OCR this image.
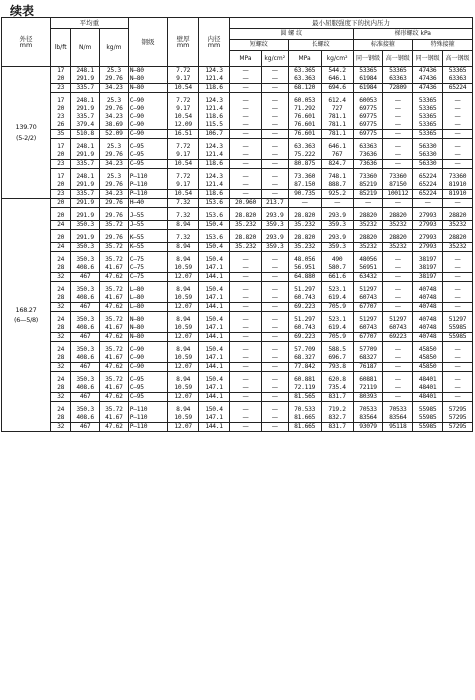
续表
外径
mm	平均重			钢级	壁厚
mm	内径
mm	最小屈服强度下的抗内压力							
	lb/ft	N/m	kg/m				圆 螺 纹				梯形螺纹 kPa			
							短螺纹		长螺纹		标准接箍		特殊接箍	
							MPa	kg/cm²	MPa	kg/cm²	同一钢级	高一钢级	同一钢级	高一钢级

139.70
(5-2/2)	17	248.1	25.3	N—80	7.72	124.3	—	—	63.365	544.2	53365	53365	47436	53365
	20	291.9	29.76	N—80	9.17	121.4	—	—	63.363	646.1	61984	63363	47436	63363
	23	335.7	34.23	N—80	10.54	118.6	—	—	68.120	694.6	61984	72809	47436	65224

	17	248.1	25.3	C—90	7.72	124.3	—	—	60.053	612.4	60053	—	53365	—
	20	291.9	29.76	C—90	9.17	121.4	—	—	71.292	727	69775	—	53365	—
	23	335.7	34.23	C—90	10.54	118.6	—	—	76.601	781.1	69775	—	53365	—
	26	379.4	38.69	C—90	12.09	115.5	—	—	76.601	781.1	69775	—	53365	—
	35	510.8	52.09	C—90	16.51	106.7	—	—	76.601	781.1	69775	—	53365	—

	17	248.1	25.3	C—95	7.72	124.3	—	—	63.363	646.1	63363	—	56330	—
	20	291.9	29.76	C—95	9.17	121.4	—	—	75.222	767	73636	—	56330	—
	23	335.7	34.23	C—95	10.54	118.6	—	—	80.875	824.7	73636	—	56330	—

	17	248.1	25.3	P—110	7.72	124.3	—	—	73.360	748.1	73360	73360	65224	73360
	20	291.9	29.76	P—110	9.17	121.4	—	—	87.150	888.7	85219	87150	65224	81910
	23	335.7	34.23	P—110	10.54	118.6	—	—	90.735	925.2	85219	100112	65224	81910

168.27
(6—5/8)	20	291.9	29.76	H—40	7.32	153.6	20.960	213.7	—	—	—	—	—	—

	20	291.9	29.76	J—55	7.32	153.6	28.820	293.9	28.820	293.9	28820	28820	27993	28820
	24	350.3	35.72	J—55	8.94	150.4	35.232	359.3	35.232	359.3	35232	35232	27993	35232

	20	291.9	29.76	K—55	7.32	153.6	28.820	293.9	28.820	293.9	28820	28820	27993	28820
	24	350.3	35.72	K—55	8.94	150.4	35.232	359.3	35.232	359.3	35232	35232	27993	35232

	24	350.3	35.72	C—75	8.94	150.4	—	—	48.056	490	48056	—	38197	—
	28	408.6	41.67	C—75	10.59	147.1	—	—	56.951	580.7	56951	—	38197	—
	32	467	47.62	C—75	12.07	144.1	—	—	64.880	661.6	63432	—	38197	—

	24	350.3	35.72	L—80	8.94	150.4	—	—	51.297	523.1	51297	—	40748	—
	28	408.6	41.67	L—80	10.59	147.1	—	—	60.743	619.4	60743	—	40748	—
	32	467	47.62	L—80	12.07	144.1	—	—	69.223	705.9	67707	—	40748	—

	24	350.3	35.72	N—80	8.94	150.4	—	—	51.297	523.1	51297	51297	40748	51297
	28	408.6	41.67	N—80	10.59	147.1	—	—	60.743	619.4	60743	60743	40748	55985
	32	467	47.62	N—80	12.07	144.1	—	—	69.223	705.9	67707	69223	40748	55985

	24	350.3	35.72	C—90	8.94	150.4	—	—	57.709	588.5	57709	—	45850	—
	28	408.6	41.67	C—90	10.59	147.1	—	—	68.327	696.7	68327	—	45850	—
	32	467	47.62	C—90	12.07	144.1	—	—	77.842	793.8	76187	—	45850	—

	24	350.3	35.72	C—95	8.94	150.4	—	—	60.881	620.8	60881	—	48401	—
	28	408.6	41.67	C—95	10.59	147.1	—	—	72.119	735.4	72119	—	48401	—
	32	467	47.62	C—95	12.07	144.1	—	—	81.565	831.7	80393	—	48401	—

	24	350.3	35.72	P—110	8.94	150.4	—	—	70.533	719.2	70533	70533	55985	57295
	28	408.6	41.67	P—110	10.59	147.1	—	—	81.665	832.7	83564	83564	55985	57295
	32	467	47.62	P—110	12.07	144.1	—	—	81.665	831.7	93079	95118	55985	57295
